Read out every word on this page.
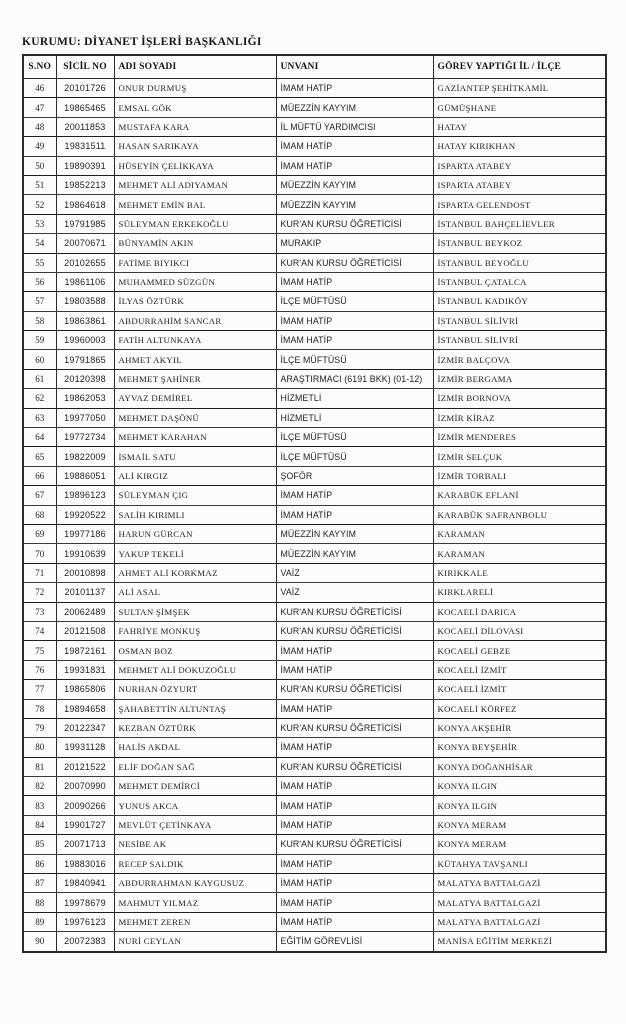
KURUMU: DİYANET İŞLERİ BAŞKANLIĞI

S.NO	SİCİL NO	ADI SOYADI	UNVANI	GÖREV YAPTIĞI İL / İLÇE
46	20101726	ONUR DURMUŞ	İMAM HATİP	GAZİANTEP ŞEHİTKAMİL
47	19865465	EMSAL GÖK	MÜEZZİN KAYYIM	GÜMÜŞHANE
48	20011853	MUSTAFA KARA	İL MÜFTÜ YARDIMCISI	HATAY
49	19831511	HASAN SARIKAYA	İMAM HATİP	HATAY KIRIKHAN
50	19890391	HÜSEYİN ÇELİKKAYA	İMAM HATİP	ISPARTA ATABEY
51	19852213	MEHMET ALİ ADIYAMAN	MÜEZZİN KAYYIM	ISPARTA ATABEY
52	19864618	MEHMET EMİN BAL	MÜEZZİN KAYYIM	ISPARTA GELENDOST
53	19791985	SÜLEYMAN ERKEKOĞLU	KUR'AN KURSU ÖĞRETİCİSİ	İSTANBUL BAHÇELİEVLER
54	20070671	BÜNYAMİN AKIN	MURAKIP	İSTANBUL BEYKOZ
55	20102655	FATİME BIYIKCI	KUR'AN KURSU ÖĞRETİCİSİ	İSTANBUL BEYOĞLU
56	19861106	MUHAMMED SÜZGÜN	İMAM HATİP	İSTANBUL ÇATALCA
57	19803588	İLYAS ÖZTÜRK	İLÇE MÜFTÜSÜ	İSTANBUL KADIKÖY
58	19863861	ABDURRAHİM SANCAR	İMAM HATİP	İSTANBUL SİLİVRİ
59	19960003	FATİH ALTUNKAYA	İMAM HATİP	İSTANBUL SİLİVRİ
60	19791865	AHMET AKYIL	İLÇE MÜFTÜSÜ	İZMİR BALÇOVA
61	20120398	MEHMET ŞAHİNER	ARAŞTIRMACI (6191 BKK) (01-12)	İZMİR BERGAMA
62	19862053	AYVAZ DEMİREL	HİZMETLİ	İZMİR BORNOVA
63	19977050	MEHMET DAŞÖNÜ	HİZMETLİ	İZMİR KİRAZ
64	19772734	MEHMET KARAHAN	İLÇE MÜFTÜSÜ	İZMİR MENDERES
65	19822009	İSMAİL SATU	İLÇE MÜFTÜSÜ	İZMİR SELÇUK
66	19886051	ALİ KIRGIZ	ŞOFÖR	İZMİR TORBALI
67	19896123	SÜLEYMAN ÇIG	İMAM HATİP	KARABÜK EFLANİ
68	19920522	SALİH KIRIMLI	İMAM HATİP	KARABÜK SAFRANBOLU
69	19977186	HARUN GÜRCAN	MÜEZZİN KAYYIM	KARAMAN
70	19910639	YAKUP TEKELİ	MÜEZZİN KAYYIM	KARAMAN
71	20010898	AHMET ALİ KORKMAZ	VAİZ	KIRIKKALE
72	20101137	ALİ ASAL	VAİZ	KIRKLARELİ
73	20062489	SULTAN ŞİMŞEK	KUR'AN KURSU ÖĞRETİCİSİ	KOCAELİ DARICA
74	20121508	FAHRİYE MONKUŞ	KUR'AN KURSU ÖĞRETİCİSİ	KOCAELİ DİLOVASI
75	19872161	OSMAN BOZ	İMAM HATİP	KOCAELİ GEBZE
76	19931831	MEHMET ALİ DOKUZOĞLU	İMAM HATİP	KOCAELİ İZMİT
77	19865806	NURHAN ÖZYURT	KUR'AN KURSU ÖĞRETİCİSİ	KOCAELİ İZMİT
78	19894658	ŞAHABETTİN ALTUNTAŞ	İMAM HATİP	KOCAELİ KÖRFEZ
79	20122347	KEZBAN ÖZTÜRK	KUR'AN KURSU ÖĞRETİCİSİ	KONYA AKŞEHİR
80	19931128	HALİS AKDAL	İMAM HATİP	KONYA BEYŞEHİR
81	20121522	ELİF DOĞAN SAĞ	KUR'AN KURSU ÖĞRETİCİSİ	KONYA DOĞANHİSAR
82	20070990	MEHMET DEMİRCİ	İMAM HATİP	KONYA ILGIN
83	20090266	YUNUS AKCA	İMAM HATİP	KONYA ILGIN
84	19901727	MEVLÜT ÇETİNKAYA	İMAM HATİP	KONYA MERAM
85	20071713	NESİBE AK	KUR'AN KURSU ÖĞRETİCİSİ	KONYA MERAM
86	19883016	RECEP SALDIK	İMAM HATİP	KÜTAHYA TAVŞANLI
87	19840941	ABDURRAHMAN KAYGUSUZ	İMAM HATİP	MALATYA BATTALGAZİ
88	19978679	MAHMUT YILMAZ	İMAM HATİP	MALATYA BATTALGAZİ
89	19976123	MEHMET ZEREN	İMAM HATİP	MALATYA BATTALGAZİ
90	20072383	NURİ CEYLAN	EĞİTİM GÖREVLİSİ	MANİSA EĞİTİM MERKEZİ
